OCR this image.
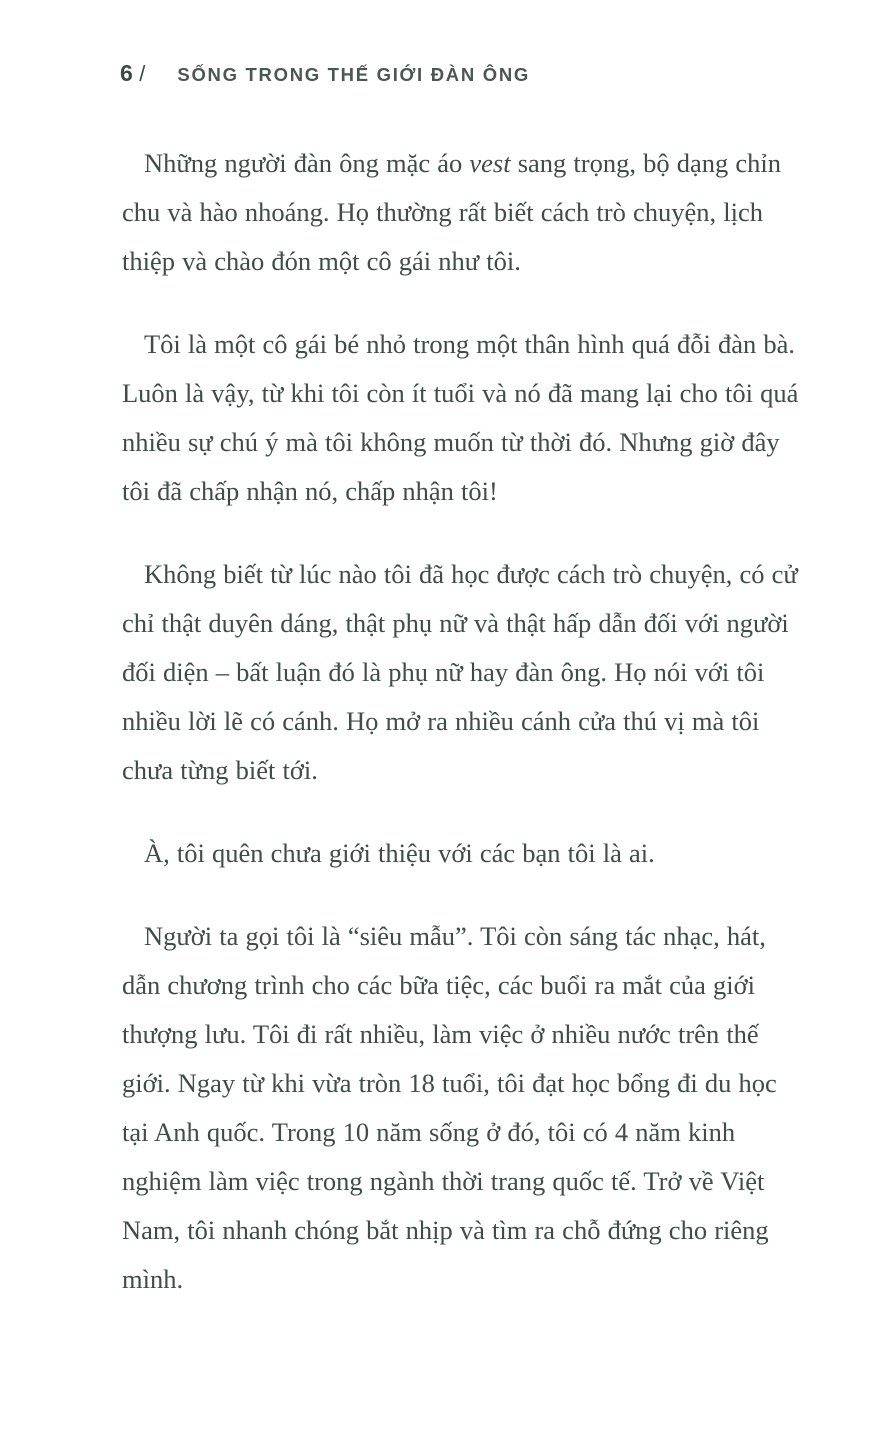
6 / SỐNG TRONG THẾ GIỚI ĐÀN ÔNG

Những người đàn ông mặc áo vest sang trọng, bộ dạng chỉn chu và hào nhoáng. Họ thường rất biết cách trò chuyện, lịch thiệp và chào đón một cô gái như tôi.

Tôi là một cô gái bé nhỏ trong một thân hình quá đỗi đàn bà. Luôn là vậy, từ khi tôi còn ít tuổi và nó đã mang lại cho tôi quá nhiều sự chú ý mà tôi không muốn từ thời đó. Nhưng giờ đây tôi đã chấp nhận nó, chấp nhận tôi!

Không biết từ lúc nào tôi đã học được cách trò chuyện, có cử chỉ thật duyên dáng, thật phụ nữ và thật hấp dẫn đối với người đối diện – bất luận đó là phụ nữ hay đàn ông. Họ nói với tôi nhiều lời lẽ có cánh. Họ mở ra nhiều cánh cửa thú vị mà tôi chưa từng biết tới.

À, tôi quên chưa giới thiệu với các bạn tôi là ai.

Người ta gọi tôi là “siêu mẫu”. Tôi còn sáng tác nhạc, hát, dẫn chương trình cho các bữa tiệc, các buổi ra mắt của giới thượng lưu. Tôi đi rất nhiều, làm việc ở nhiều nước trên thế giới. Ngay từ khi vừa tròn 18 tuổi, tôi đạt học bổng đi du học tại Anh quốc. Trong 10 năm sống ở đó, tôi có 4 năm kinh nghiệm làm việc trong ngành thời trang quốc tế. Trở về Việt Nam, tôi nhanh chóng bắt nhịp và tìm ra chỗ đứng cho riêng mình.
